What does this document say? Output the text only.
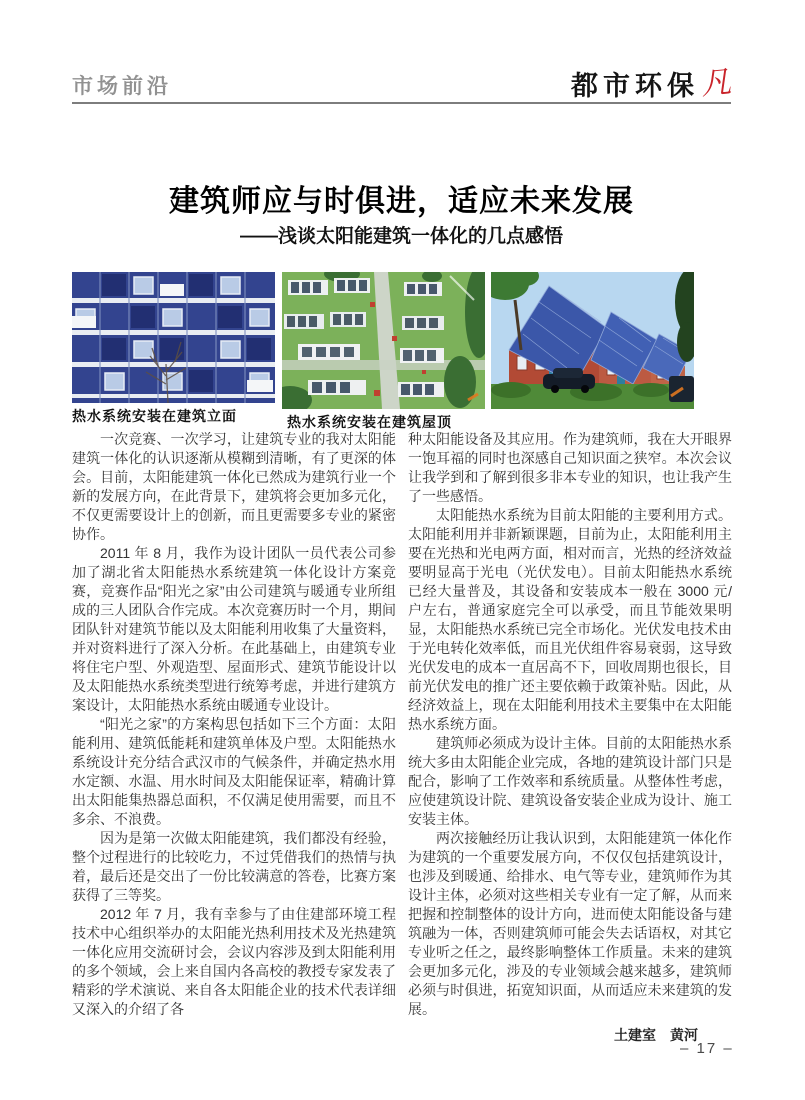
市场前沿	都市环保 凡
建筑师应与时俱进，适应未来发展
——浅谈太阳能建筑一体化的几点感悟
热水系统安装在建筑立面	热水系统安装在建筑屋顶

一次竞赛、一次学习，让建筑专业的我对太阳能建筑一体化的认识逐渐从模糊到清晰，有了更深的体会。目前，太阳能建筑一体化已然成为建筑行业一个新的发展方向，在此背景下，建筑将会更加多元化，不仅更需要设计上的创新，而且更需要多专业的紧密协作。

2011 年 8 月，我作为设计团队一员代表公司参加了湖北省太阳能热水系统建筑一体化设计方案竞赛，竞赛作品“阳光之家”由公司建筑与暖通专业所组成的三人团队合作完成。本次竞赛历时一个月，期间团队针对建筑节能以及太阳能利用收集了大量资料，并对资料进行了深入分析。在此基础上，由建筑专业将住宅户型、外观造型、屋面形式、建筑节能设计以及太阳能热水系统类型进行统筹考虑，并进行建筑方案设计，太阳能热水系统由暖通专业设计。

“阳光之家”的方案构思包括如下三个方面：太阳能利用、建筑低能耗和建筑单体及户型。太阳能热水系统设计充分结合武汉市的气候条件，并确定热水用水定额、水温、用水时间及太阳能保证率，精确计算出太阳能集热器总面积，不仅满足使用需要，而且不多余、不浪费。

因为是第一次做太阳能建筑，我们都没有经验，整个过程进行的比较吃力，不过凭借我们的热情与执着，最后还是交出了一份比较满意的答卷，比赛方案获得了三等奖。

2012 年 7 月，我有幸参与了由住建部环境工程技术中心组织举办的太阳能光热利用技术及光热建筑一体化应用交流研讨会，会议内容涉及到太阳能利用的多个领域，会上来自国内各高校的教授专家发表了精彩的学术演说、来自各太阳能企业的技术代表详细又深入的介绍了各

种太阳能设备及其应用。作为建筑师，我在大开眼界一饱耳福的同时也深感自己知识面之狭窄。本次会议让我学到和了解到很多非本专业的知识，也让我产生了一些感悟。

太阳能热水系统为目前太阳能的主要利用方式。太阳能利用并非新颖课题，目前为止，太阳能利用主要在光热和光电两方面，相对而言，光热的经济效益要明显高于光电（光伏发电）。目前太阳能热水系统已经大量普及，其设备和安装成本一般在 3000 元/ 户左右，普通家庭完全可以承受，而且节能效果明显，太阳能热水系统已完全市场化。光伏发电技术由于光电转化效率低，而且光伏组件容易衰弱，这导致光伏发电的成本一直居高不下，回收周期也很长，目前光伏发电的推广还主要依赖于政策补贴。因此，从经济效益上，现在太阳能利用技术主要集中在太阳能热水系统方面。

建筑师必须成为设计主体。目前的太阳能热水系统大多由太阳能企业完成，各地的建筑设计部门只是配合，影响了工作效率和系统质量。从整体性考虑，应使建筑设计院、建筑设备安装企业成为设计、施工安装主体。

两次接触经历让我认识到，太阳能建筑一体化作为建筑的一个重要发展方向，不仅仅包括建筑设计，也涉及到暖通、给排水、电气等专业，建筑师作为其设计主体，必须对这些相关专业有一定了解，从而来把握和控制整体的设计方向，进而使太阳能设备与建筑融为一体，否则建筑师可能会失去话语权，对其它专业听之任之，最终影响整体工作质量。未来的建筑会更加多元化，涉及的专业领域会越来越多，建筑师必须与时俱进，拓宽知识面，从而适应未来建筑的发展。

土建室　黄河

– 17 –
